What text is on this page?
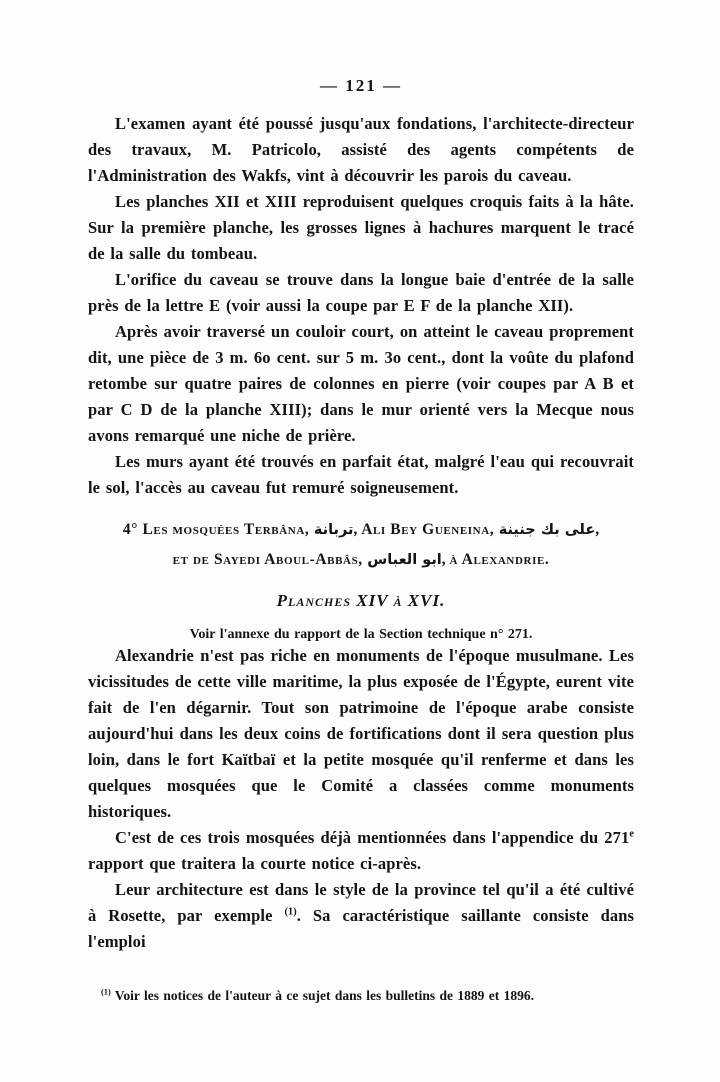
— 121 —

L'examen ayant été poussé jusqu'aux fondations, l'architecte-directeur des travaux, M. Patricolo, assisté des agents compétents de l'Administration des Wakfs, vint à découvrir les parois du caveau.

Les planches XII et XIII reproduisent quelques croquis faits à la hâte. Sur la première planche, les grosses lignes à hachures marquent le tracé de la salle du tombeau.

L'orifice du caveau se trouve dans la longue baie d'entrée de la salle près de la lettre E (voir aussi la coupe par E F de la planche XII).

Après avoir traversé un couloir court, on atteint le caveau proprement dit, une pièce de 3 m. 6o cent. sur 5 m. 3o cent., dont la voûte du plafond retombe sur quatre paires de colonnes en pierre (voir coupes par A B et par C D de la planche XIII); dans le mur orienté vers la Mecque nous avons remarqué une niche de prière.

Les murs ayant été trouvés en parfait état, malgré l'eau qui recouvrait le sol, l'accès au caveau fut remuré soigneusement.

4° Les mosquées Terbâna, تربانة, Ali Bey Gueneina, على بك جنينة,
et de Sayedi Aboul-Abbâs, ابو العباس, à Alexandrie.
Planches XIV à XVI.
Voir l'annexe du rapport de la Section technique n° 271.

Alexandrie n'est pas riche en monuments de l'époque musulmane. Les vicissitudes de cette ville maritime, la plus exposée de l'Égypte, eurent vite fait de l'en dégarnir. Tout son patrimoine de l'époque arabe consiste aujourd'hui dans les deux coins de fortifications dont il sera question plus loin, dans le fort Kaïtbaï et la petite mosquée qu'il renferme et dans les quelques mosquées que le Comité a classées comme monuments historiques.

C'est de ces trois mosquées déjà mentionnées dans l'appendice du 271e rapport que traitera la courte notice ci-après.

Leur architecture est dans le style de la province tel qu'il a été cultivé à Rosette, par exemple $^{(1)}$. Sa caractéristique saillante consiste dans l'emploi

$^{(1)}$ Voir les notices de l'auteur à ce sujet dans les bulletins de 1889 et 1896.
